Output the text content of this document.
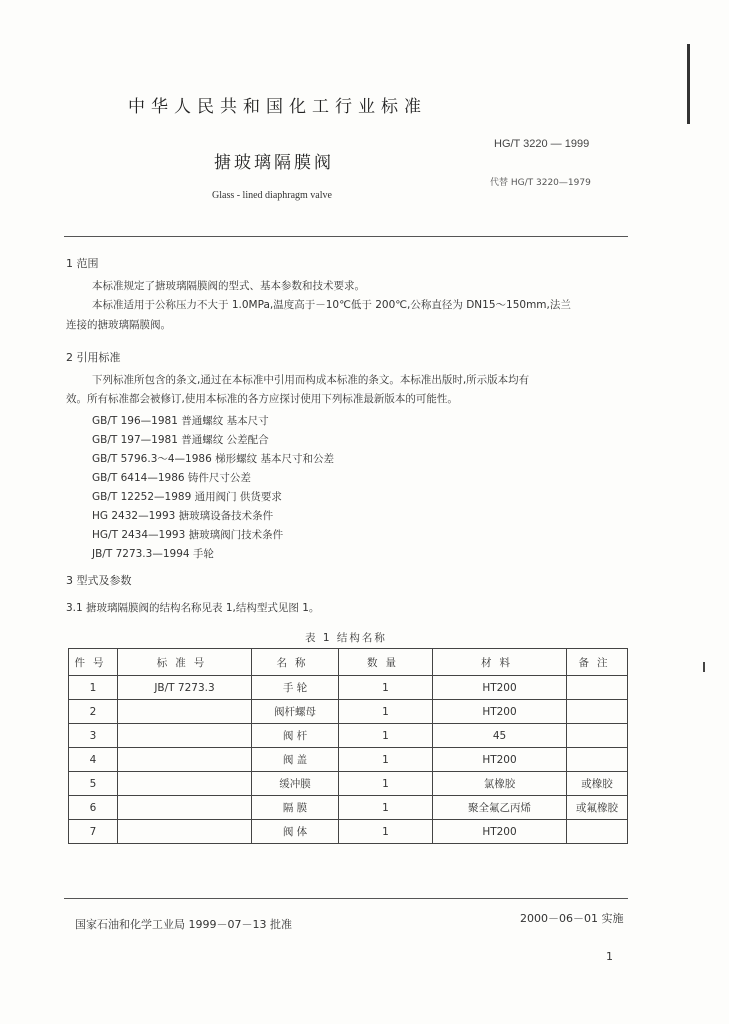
中华人民共和国化工行业标准
HG/T 3220 — 1999
搪玻璃隔膜阀
代替 HG/T 3220—1979
Glass - lined diaphragm valve
1 范围
本标准规定了搪玻璃隔膜阀的型式、基本参数和技术要求。
本标准适用于公称压力不大于 1.0MPa,温度高于－10℃低于 200℃,公称直径为 DN15～150mm,法兰
连接的搪玻璃隔膜阀。
2 引用标准
下列标准所包含的条文,通过在本标准中引用而构成本标准的条文。本标准出版时,所示版本均有
效。所有标准都会被修订,使用本标准的各方应探讨使用下列标准最新版本的可能性。
GB/T 196—1981 普通螺纹 基本尺寸
GB/T 197—1981 普通螺纹 公差配合
GB/T 5796.3～4—1986 梯形螺纹 基本尺寸和公差
GB/T 6414—1986 铸件尺寸公差
GB/T 12252—1989 通用阀门 供货要求
HG 2432—1993 搪玻璃设备技术条件
HG/T 2434—1993 搪玻璃阀门技术条件
JB/T 7273.3—1994 手轮
3 型式及参数
3.1 搪玻璃隔膜阀的结构名称见表 1,结构型式见图 1。
表 1 结构名称
件号	标准号	名称	数量	材料	备注
1	JB/T 7273.3	手 轮	1	HT200	
2		阀杆螺母	1	HT200	
3		阀 杆	1	45	
4		阀 盖	1	HT200	
5		缓冲膜	1	氯橡胶	或橡胶
6		隔 膜	1	聚全氟乙丙烯	或氟橡胶
7		阀 体	1	HT200	
国家石油和化学工业局 1999－07－13 批准	2000－06－01 实施
1
